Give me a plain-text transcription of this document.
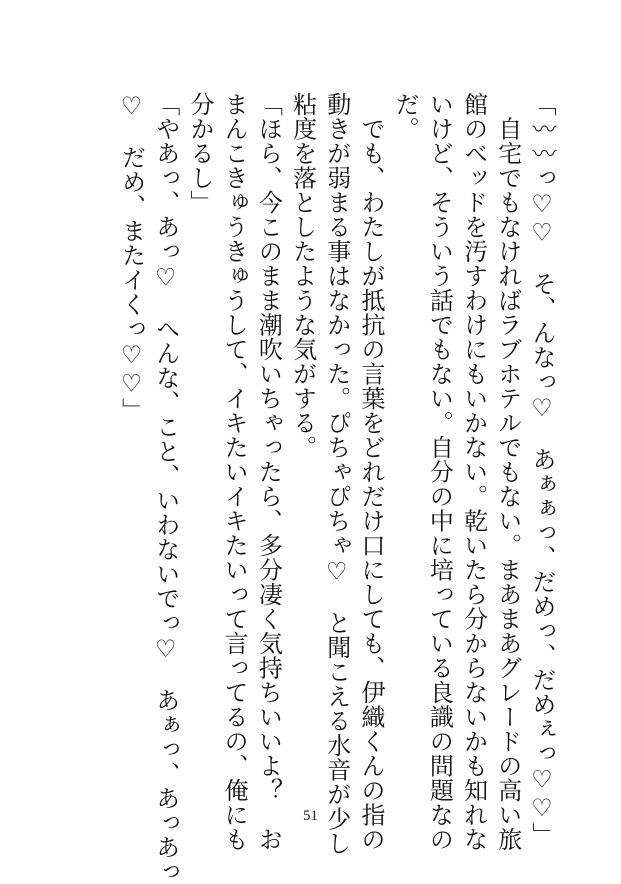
「〰〰っ♡♡　そ、んなっ♡　あぁぁっ、だめっ、だめぇっ♡♡」
　自宅でもなければラブホテルでもない。まあまあグレードの高い旅
館のベッドを汚すわけにもいかない。乾いたら分からないかも知れな
いけど、そういう話でもない。自分の中に培っている良識の問題なの
だ。
　でも、わたしが抵抗の言葉をどれだけ口にしても、伊織くんの指の
動きが弱まる事はなかった。ぴちゃぴちゃ♡　と聞こえる水音が少し
粘度を落としたような気がする。
「ほら、今このまま潮吹いちゃったら、多分凄く気持ちいいよ？　お
まんこきゅうきゅうして、イキたいイキたいって言ってるの、俺にも
分かるし」
「やあっ、あっ♡　へんな、こと、いわないでっ♡　あぁっ、あっあっ
♡　だめ、またイくっ♡♡」
51
